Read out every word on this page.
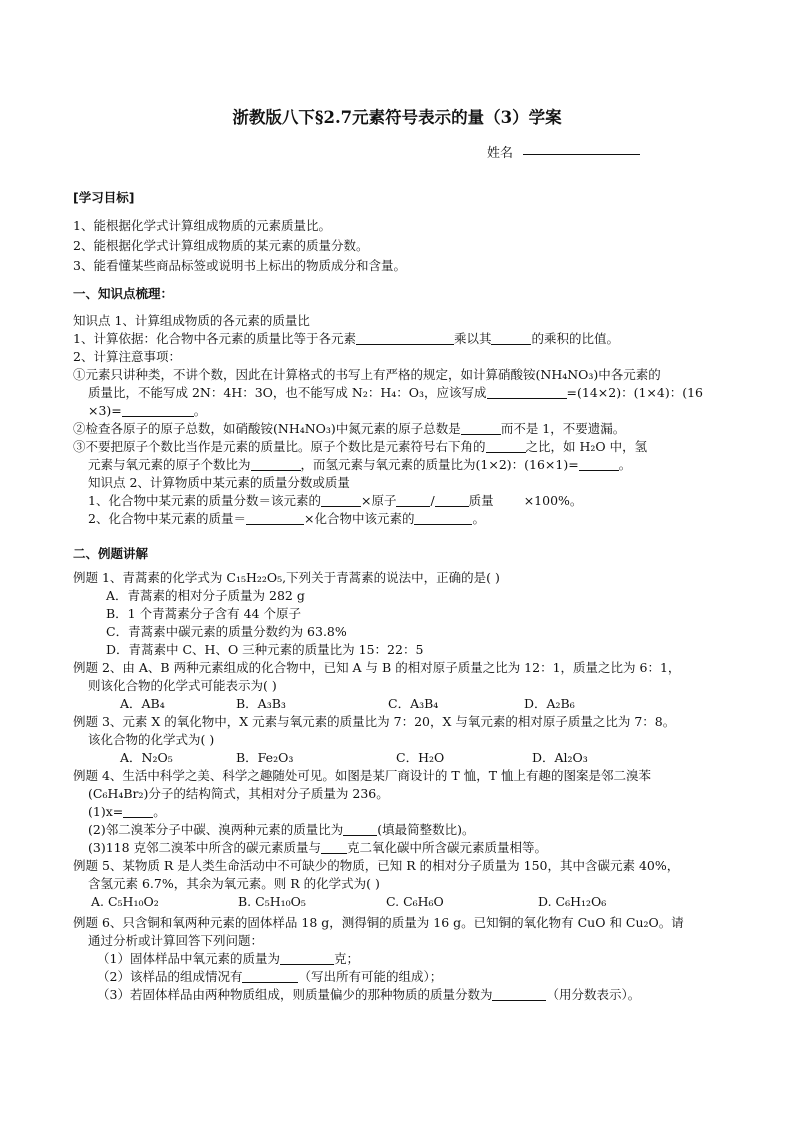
浙教版八下§2.7元素符号表示的量（3）学案
姓名
[学习目标]
1、能根据化学式计算组成物质的元素质量比。
2、能根据化学式计算组成物质的某元素的质量分数。
3、能看懂某些商品标签或说明书上标出的物质成分和含量。
一、知识点梳理：
知识点 1、计算组成物质的各元素的质量比
1、计算依据：化合物中各元素的质量比等于各元素	乘以其	的乘积的比值。
2、计算注意事项：
①元素只讲种类，不讲个数，因此在计算格式的书写上有严格的规定，如计算硝酸铵(NH₄NO₃)中各元素的
质量比，不能写成 2N：4H：3O，也不能写成 N₂：H₄：O₃，应该写成	=(14×2)：(1×4)：(16
×3)=	。
②检查各原子的原子总数，如硝酸铵(NH₄NO₃)中氮元素的原子总数是	而不是 1，不要遗漏。
③不要把原子个数比当作是元素的质量比。原子个数比是元素符号右下角的	之比，如 H₂O 中，氢
元素与氧元素的原子个数比为	，而氢元素与氧元素的质量比为(1×2)：(16×1)=	。
知识点 2、计算物质中某元素的质量分数或质量
1、化合物中某元素的质量分数＝该元素的	×原子	/	质量 ×100%。
2、化合物中某元素的质量＝	×化合物中该元素的	。
二、例题讲解
例题 1、青蒿素的化学式为 C₁₅H₂₂O₅,下列关于青蒿素的说法中，正确的是( )
A．青蒿素的相对分子质量为 282 g
B．1 个青蒿素分子含有 44 个原子
C．青蒿素中碳元素的质量分数约为 63.8%
D．青蒿素中 C、H、O 三种元素的质量比为 15：22：5
例题 2、由 A、B 两种元素组成的化合物中，已知 A 与 B 的相对原子质量之比为 12：1，质量之比为 6：1，
则该化合物的化学式可能表示为( )
A．AB₄	B．A₃B₃	C．A₃B₄	D．A₂B₆
例题 3、元素 X 的氧化物中，X 元素与氧元素的质量比为 7：20，X 与氧元素的相对原子质量之比为 7：8。
该化合物的化学式为( )
A．N₂O₅	B．Fe₂O₃	C．H₂O	D．Al₂O₃
例题 4、生活中科学之美、科学之趣随处可见。如图是某厂商设计的 T 恤，T 恤上有趣的图案是邻二溴苯
(C₆H₄Br₂)分子的结构简式，其相对分子质量为 236。
(1)x= 。
(2)邻二溴苯分子中碳、溴两种元素的质量比为	(填最简整数比)。
(3)118 克邻二溴苯中所含的碳元素质量与 克二氧化碳中所含碳元素质量相等。
例题 5、某物质 R 是人类生命活动中不可缺少的物质，已知 R 的相对分子质量为 150，其中含碳元素 40%，
含氢元素 6.7%，其余为氧元素。则 R 的化学式为( )
A. C₅H₁₀O₂	B. C₅H₁₀O₅	C. C₆H₆O	D. C₆H₁₂O₆
例题 6、只含铜和氧两种元素的固体样品 18 g，测得铜的质量为 16 g。已知铜的氧化物有 CuO 和 Cu₂O。请
通过分析或计算回答下列问题：
（1）固体样品中氧元素的质量为	克；
（2）该样品的组成情况有	（写出所有可能的组成）；
（3）若固体样品由两种物质组成，则质量偏少的那种物质的质量分数为	（用分数表示）。
